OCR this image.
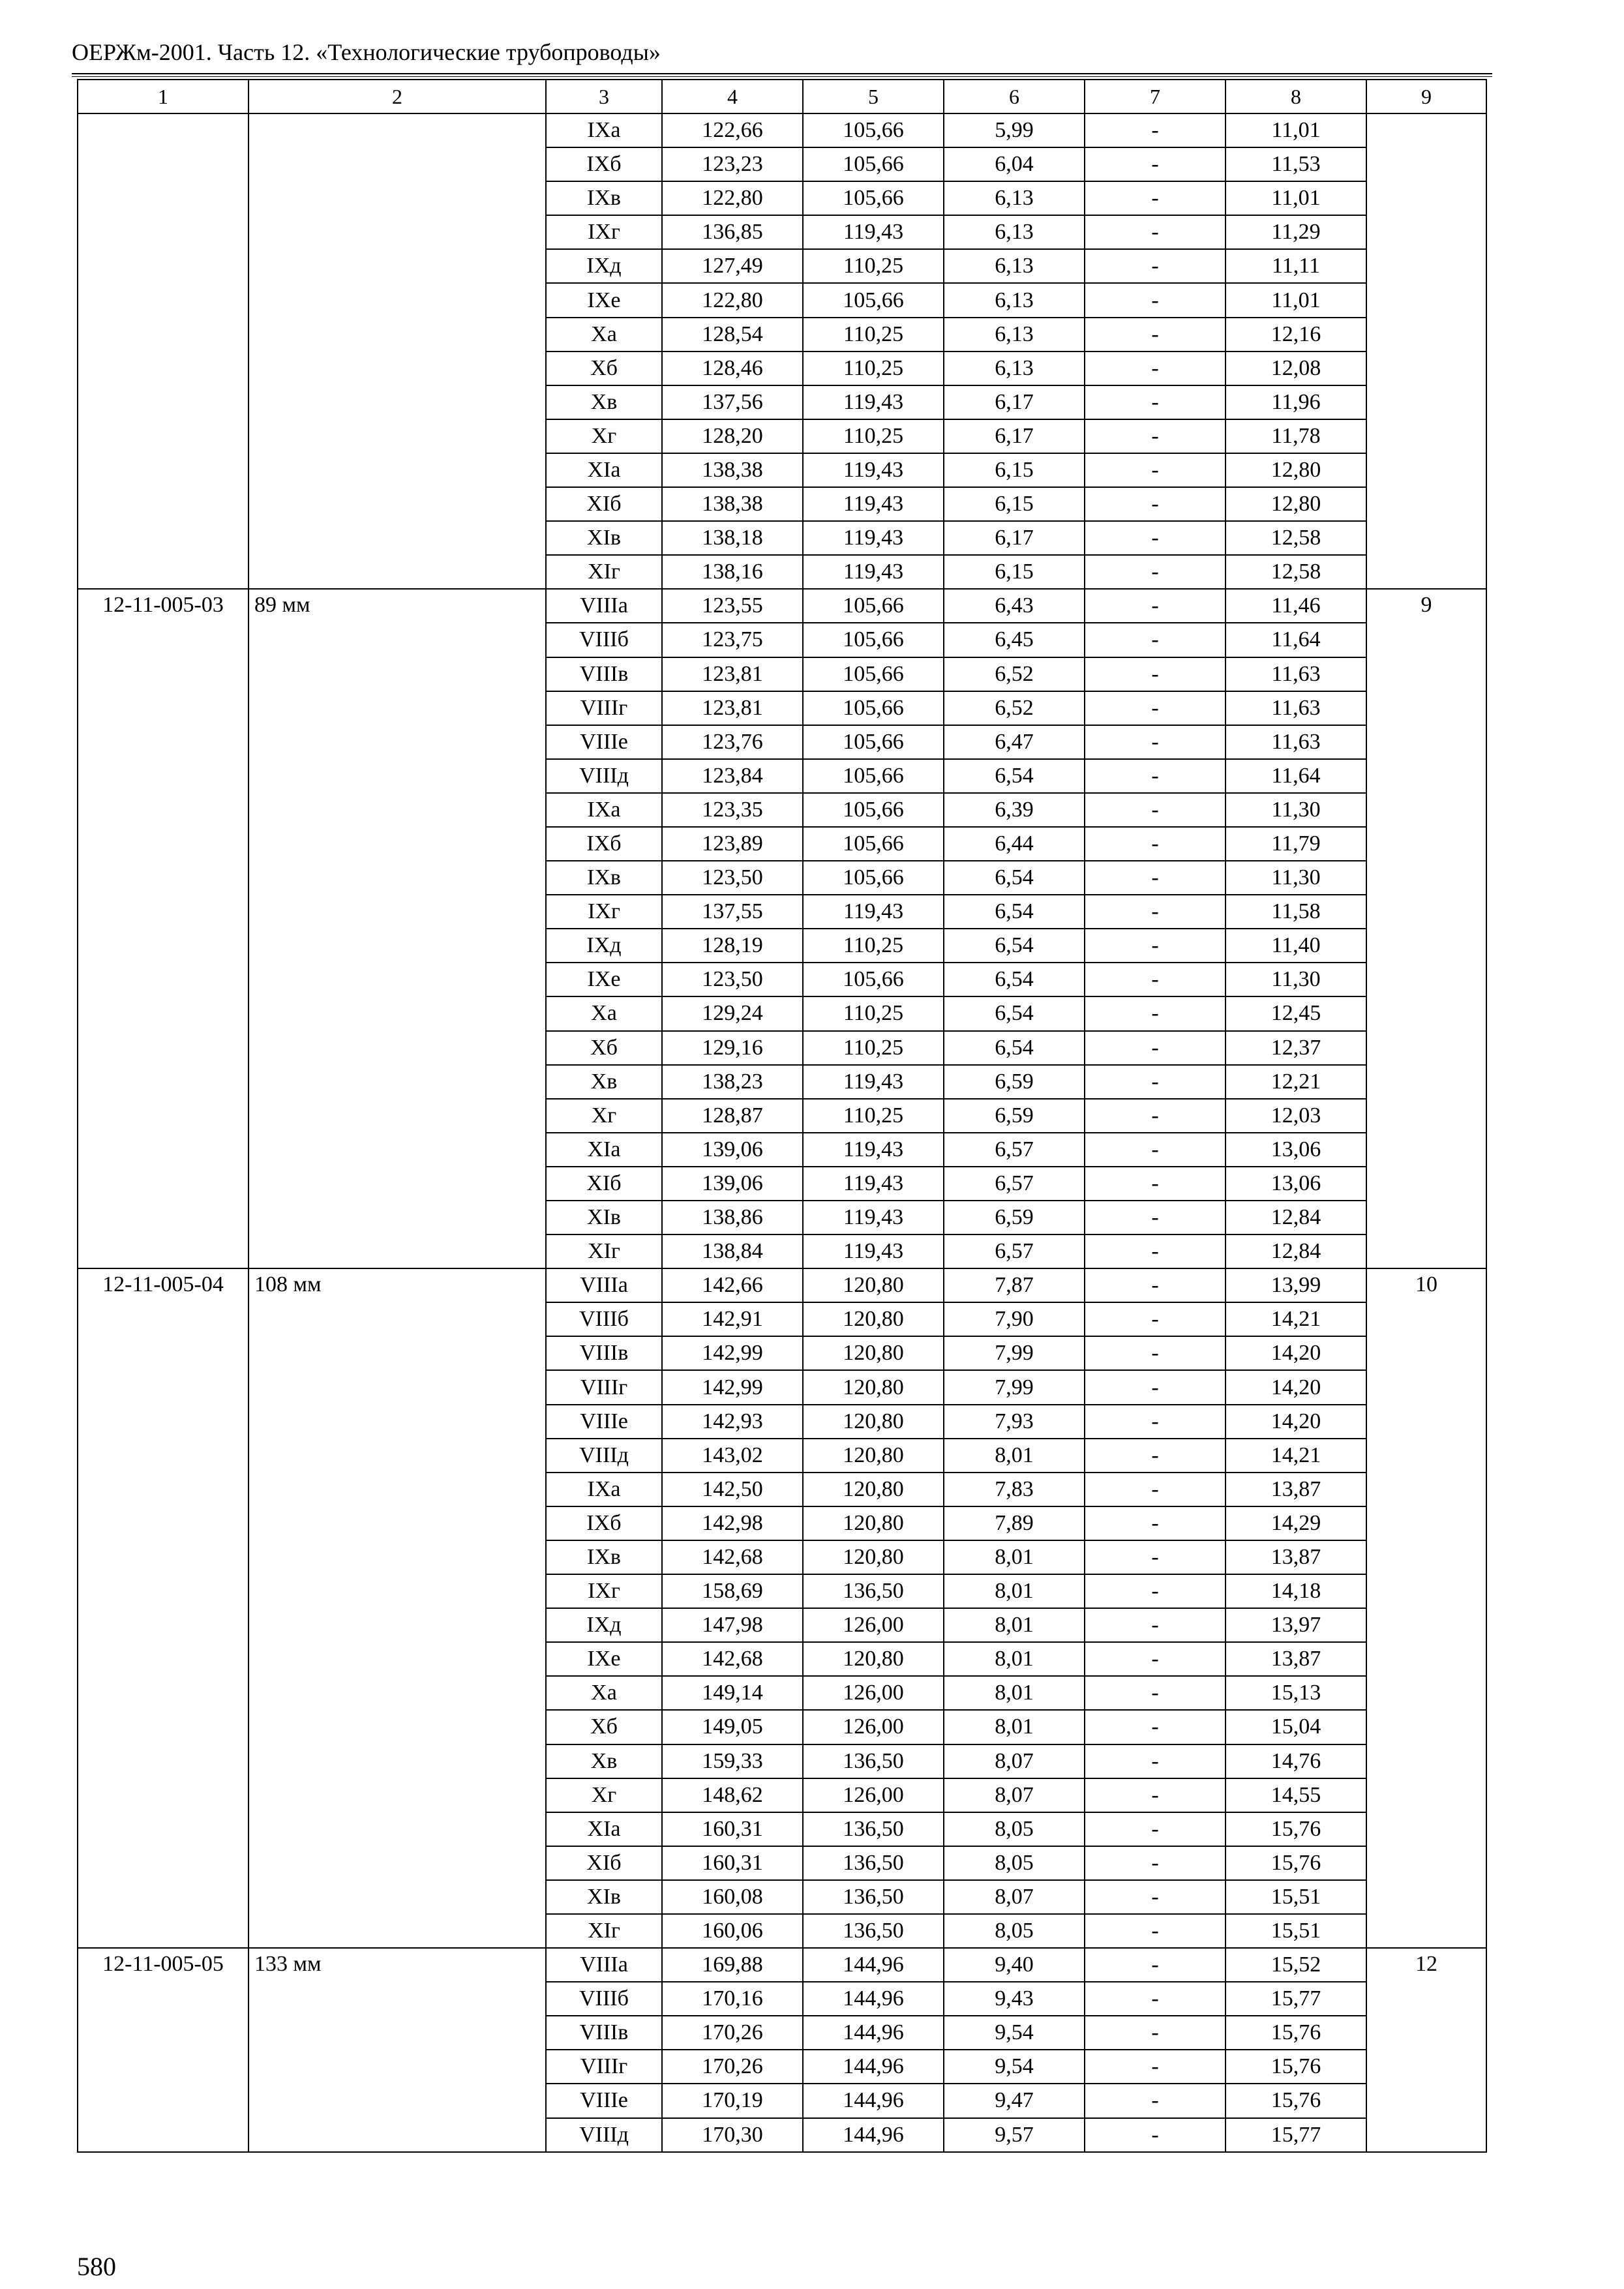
ОЕРЖм-2001. Часть 12. «Технологические трубопроводы»
1	2	3	4	5	6	7	8	9
		IXа	122,66	105,66	5,99	-	11,01	
		IXб	123,23	105,66	6,04	-	11,53	
		IXв	122,80	105,66	6,13	-	11,01	
		IXг	136,85	119,43	6,13	-	11,29	
		IXд	127,49	110,25	6,13	-	11,11	
		IXе	122,80	105,66	6,13	-	11,01	
		Xа	128,54	110,25	6,13	-	12,16	
		Xб	128,46	110,25	6,13	-	12,08	
		Xв	137,56	119,43	6,17	-	11,96	
		Xг	128,20	110,25	6,17	-	11,78	
		XIа	138,38	119,43	6,15	-	12,80	
		XIб	138,38	119,43	6,15	-	12,80	
		XIв	138,18	119,43	6,17	-	12,58	
		XIг	138,16	119,43	6,15	-	12,58	
12-11-005-03	89 мм	VIIIа	123,55	105,66	6,43	-	11,46	9
		VIIIб	123,75	105,66	6,45	-	11,64	
		VIIIв	123,81	105,66	6,52	-	11,63	
		VIIIг	123,81	105,66	6,52	-	11,63	
		VIIIе	123,76	105,66	6,47	-	11,63	
		VIIIд	123,84	105,66	6,54	-	11,64	
		IXа	123,35	105,66	6,39	-	11,30	
		IXб	123,89	105,66	6,44	-	11,79	
		IXв	123,50	105,66	6,54	-	11,30	
		IXг	137,55	119,43	6,54	-	11,58	
		IXд	128,19	110,25	6,54	-	11,40	
		IXе	123,50	105,66	6,54	-	11,30	
		Xа	129,24	110,25	6,54	-	12,45	
		Xб	129,16	110,25	6,54	-	12,37	
		Xв	138,23	119,43	6,59	-	12,21	
		Xг	128,87	110,25	6,59	-	12,03	
		XIа	139,06	119,43	6,57	-	13,06	
		XIб	139,06	119,43	6,57	-	13,06	
		XIв	138,86	119,43	6,59	-	12,84	
		XIг	138,84	119,43	6,57	-	12,84	
12-11-005-04	108 мм	VIIIа	142,66	120,80	7,87	-	13,99	10
		VIIIб	142,91	120,80	7,90	-	14,21	
		VIIIв	142,99	120,80	7,99	-	14,20	
		VIIIг	142,99	120,80	7,99	-	14,20	
		VIIIе	142,93	120,80	7,93	-	14,20	
		VIIIд	143,02	120,80	8,01	-	14,21	
		IXа	142,50	120,80	7,83	-	13,87	
		IXб	142,98	120,80	7,89	-	14,29	
		IXв	142,68	120,80	8,01	-	13,87	
		IXг	158,69	136,50	8,01	-	14,18	
		IXд	147,98	126,00	8,01	-	13,97	
		IXе	142,68	120,80	8,01	-	13,87	
		Xа	149,14	126,00	8,01	-	15,13	
		Xб	149,05	126,00	8,01	-	15,04	
		Xв	159,33	136,50	8,07	-	14,76	
		Xг	148,62	126,00	8,07	-	14,55	
		XIа	160,31	136,50	8,05	-	15,76	
		XIб	160,31	136,50	8,05	-	15,76	
		XIв	160,08	136,50	8,07	-	15,51	
		XIг	160,06	136,50	8,05	-	15,51	
12-11-005-05	133 мм	VIIIа	169,88	144,96	9,40	-	15,52	12
		VIIIб	170,16	144,96	9,43	-	15,77	
		VIIIв	170,26	144,96	9,54	-	15,76	
		VIIIг	170,26	144,96	9,54	-	15,76	
		VIIIе	170,19	144,96	9,47	-	15,76	
		VIIIд	170,30	144,96	9,57	-	15,77	
580
